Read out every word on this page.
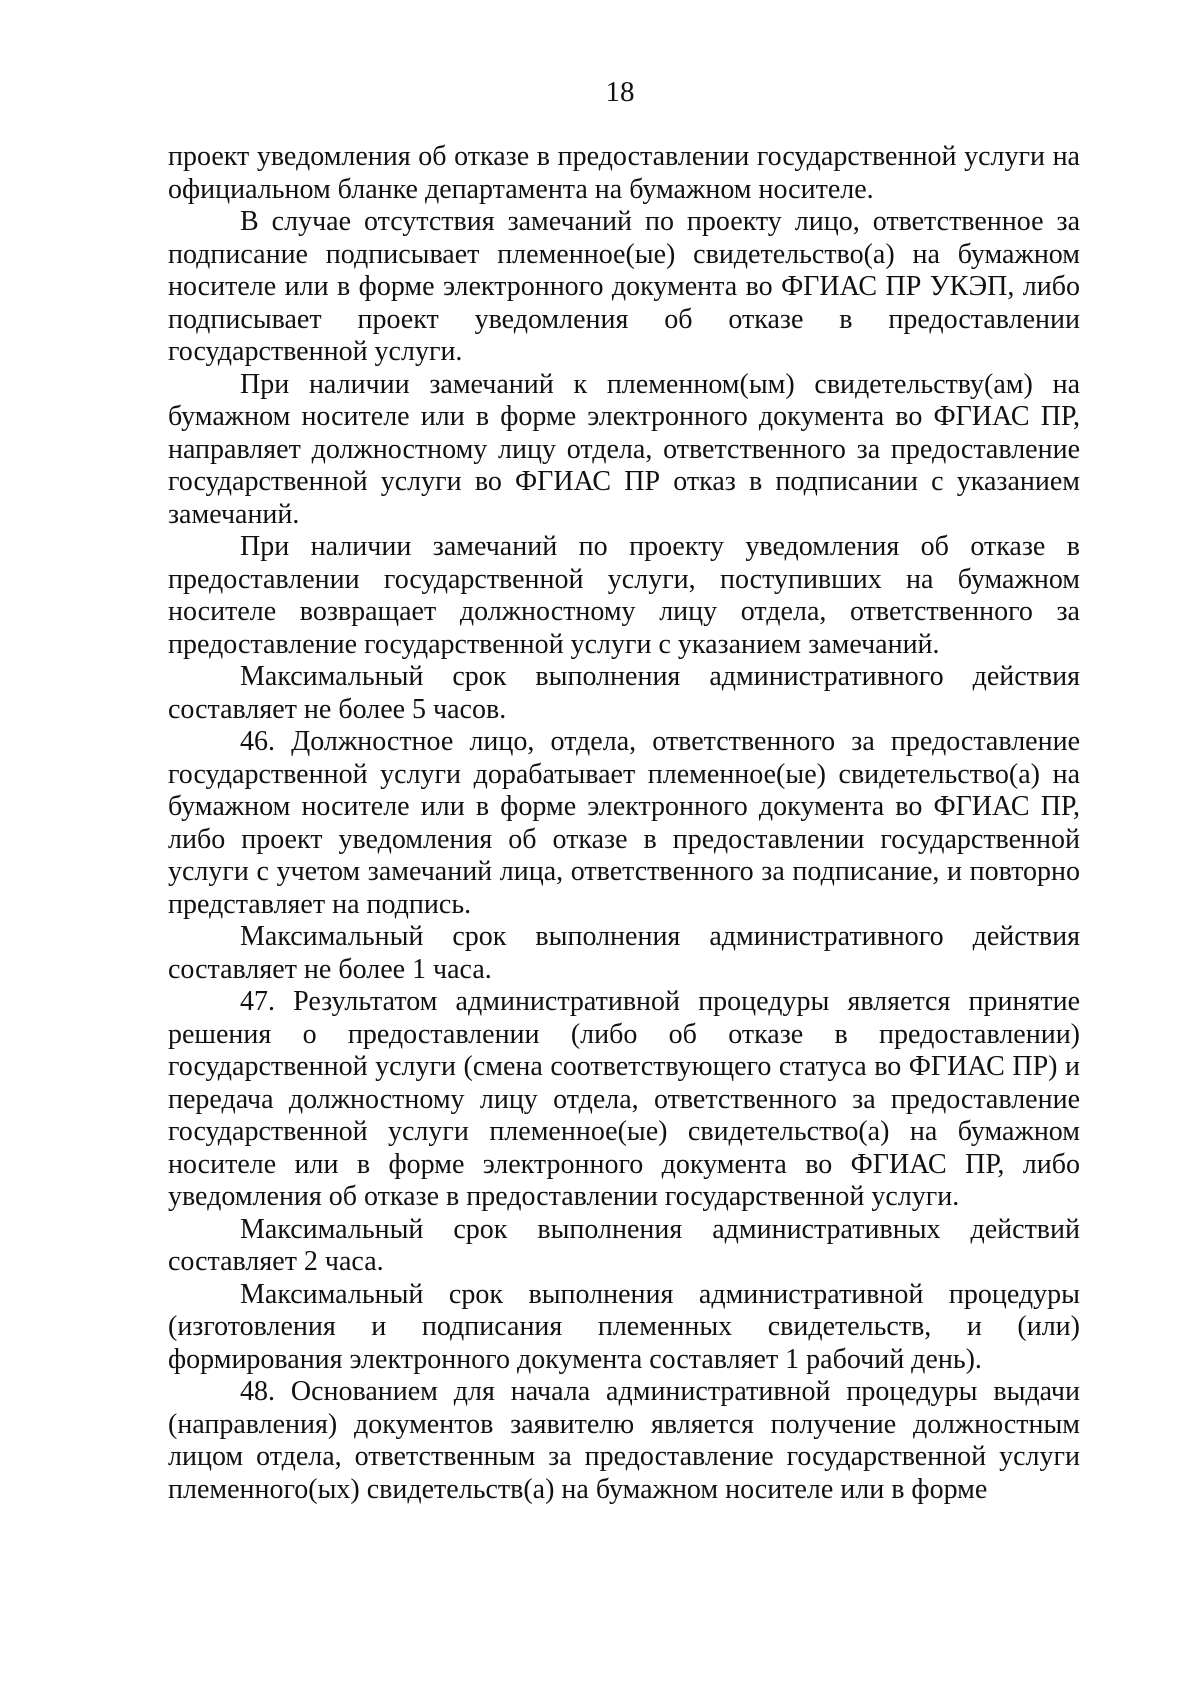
18

проект уведомления об отказе в предоставлении государственной услуги на официальном бланке департамента на бумажном носителе.

В случае отсутствия замечаний по проекту лицо, ответственное за подписание подписывает племенное(ые) свидетельство(а) на бумажном носителе или в форме электронного документа во ФГИАС ПР УКЭП, либо подписывает проект уведомления об отказе в предоставлении государственной услуги.

При наличии замечаний к племенном(ым) свидетельству(ам) на бумажном носителе или в форме электронного документа во ФГИАС ПР, направляет должностному лицу отдела, ответственного за предоставление государственной услуги во ФГИАС ПР отказ в подписании с указанием замечаний.

При наличии замечаний по проекту уведомления об отказе в предоставлении государственной услуги, поступивших на бумажном носителе возвращает должностному лицу отдела, ответственного за предоставление государственной услуги с указанием замечаний.

Максимальный срок выполнения административного действия составляет не более 5 часов.

46. Должностное лицо, отдела, ответственного за предоставление государственной услуги дорабатывает племенное(ые) свидетельство(а) на бумажном носителе или в форме электронного документа во ФГИАС ПР, либо проект уведомления об отказе в предоставлении государственной услуги с учетом замечаний лица, ответственного за подписание, и повторно представляет на подпись.

Максимальный срок выполнения административного действия составляет не более 1 часа.

47. Результатом административной процедуры является принятие решения о предоставлении (либо об отказе в предоставлении) государственной услуги (смена соответствующего статуса во ФГИАС ПР) и передача должностному лицу отдела, ответственного за предоставление государственной услуги племенное(ые) свидетельство(а) на бумажном носителе или в форме электронного документа во ФГИАС ПР, либо уведомления об отказе в предоставлении государственной услуги.

Максимальный срок выполнения административных действий составляет 2 часа.

Максимальный срок выполнения административной процедуры (изготовления и подписания племенных свидетельств, и (или) формирования электронного документа составляет 1 рабочий день).

48. Основанием для начала административной процедуры выдачи (направления) документов заявителю является получение должностным лицом отдела, ответственным за предоставление государственной услуги племенного(ых) свидетельств(а) на бумажном носителе или в форме
